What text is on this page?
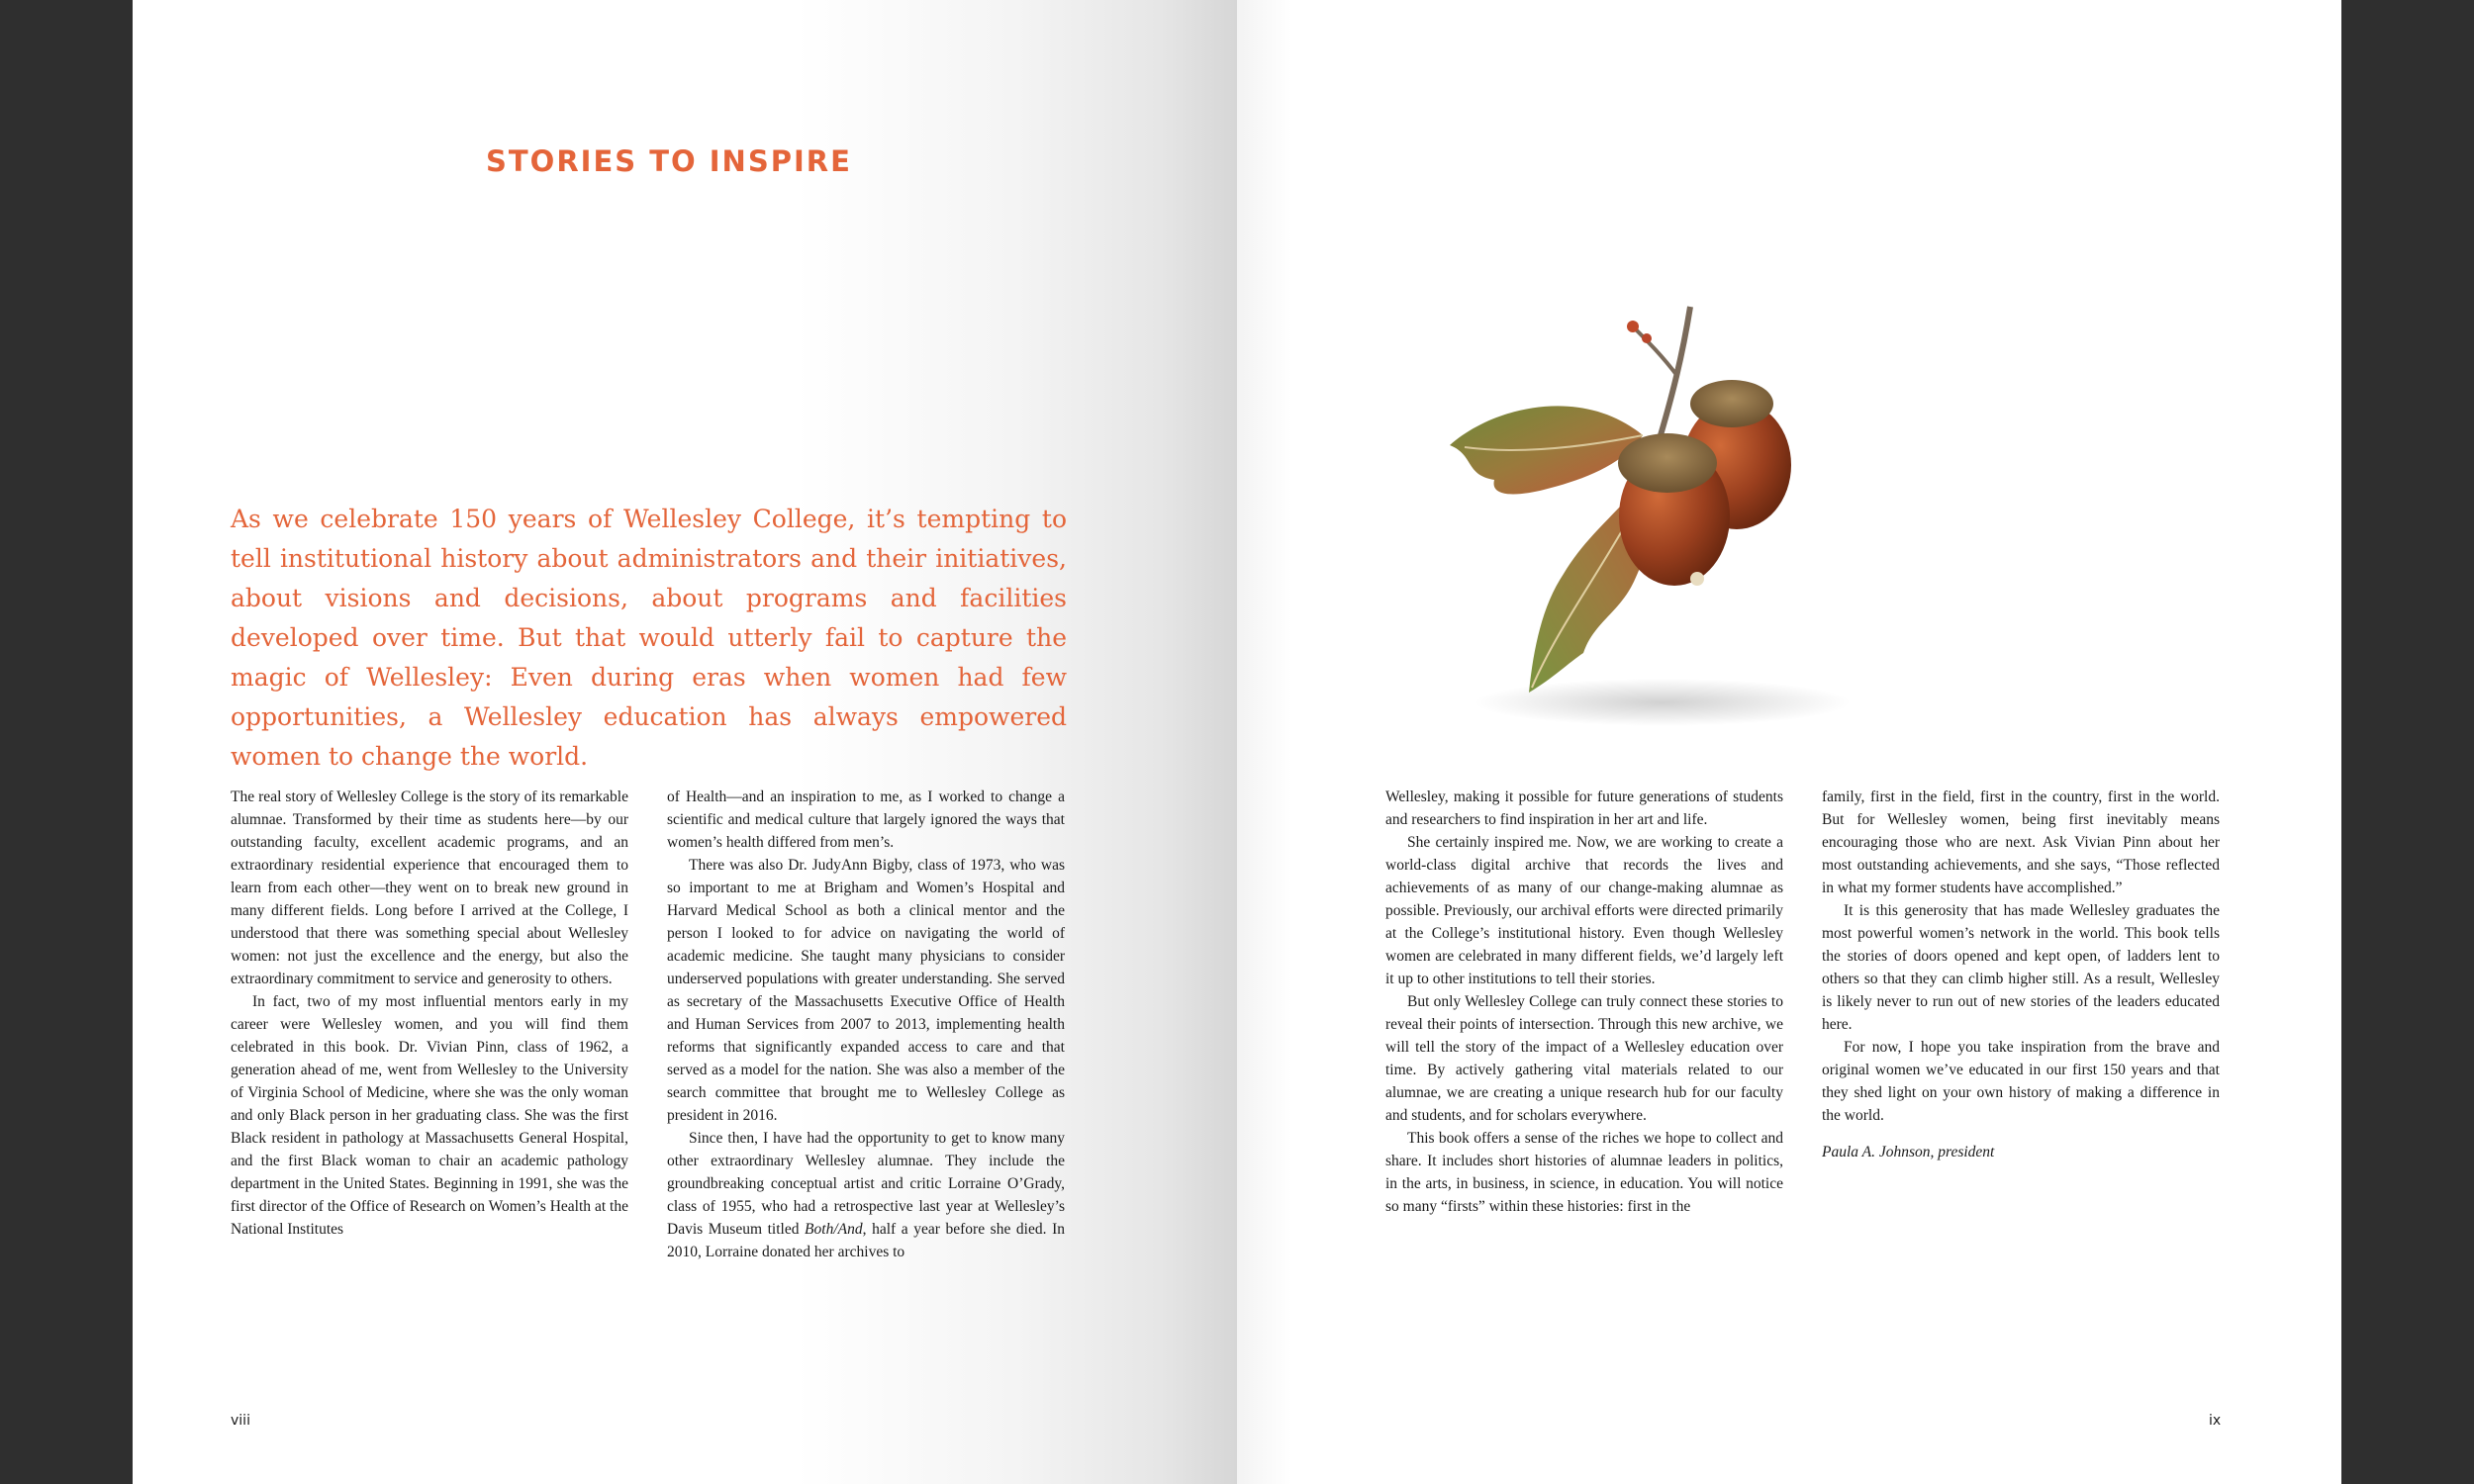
STORIES TO INSPIRE

As we celebrate 150 years of Wellesley College, it’s tempting to tell institutional history about administrators and their initiatives, about visions and decisions, about programs and facilities developed over time. But that would utterly fail to capture the magic of Wellesley: Even during eras when women had few opportunities, a Wellesley education has always empowered women to change the world.

The real story of Wellesley College is the story of its remarkable alumnae. Transformed by their time as students here—by our outstanding faculty, excellent academic programs, and an extraordinary residential experience that encouraged them to learn from each other—they went on to break new ground in many different fields. Long before I arrived at the College, I understood that there was something special about Wellesley women: not just the excellence and the energy, but also the extraordinary commitment to service and generosity to others.

In fact, two of my most influential mentors early in my career were Wellesley women, and you will find them celebrated in this book. Dr. Vivian Pinn, class of 1962, a generation ahead of me, went from Wellesley to the University of Virginia School of Medicine, where she was the only woman and only Black person in her graduating class. She was the first Black resident in pathology at Massachusetts General Hospital, and the first Black woman to chair an academic pathology department in the United States. Beginning in 1991, she was the first director of the Office of Research on Women’s Health at the National Institutes

of Health—and an inspiration to me, as I worked to change a scientific and medical culture that largely ignored the ways that women’s health differed from men’s.

There was also Dr. JudyAnn Bigby, class of 1973, who was so important to me at Brigham and Women’s Hospital and Harvard Medical School as both a clinical mentor and the person I looked to for advice on navigating the world of academic medicine. She taught many physicians to consider underserved populations with greater understanding. She served as secretary of the Massachusetts Executive Office of Health and Human Services from 2007 to 2013, implementing health reforms that significantly expanded access to care and that served as a model for the nation. She was also a member of the search committee that brought me to Wellesley College as president in 2016.

Since then, I have had the opportunity to get to know many other extraordinary Wellesley alumnae. They include the groundbreaking conceptual artist and critic Lorraine O’Grady, class of 1955, who had a retrospective last year at Wellesley’s Davis Museum titled Both/And, half a year before she died. In 2010, Lorraine donated her archives to

viii

Wellesley, making it possible for future generations of students and researchers to find inspiration in her art and life.

She certainly inspired me. Now, we are working to create a world-class digital archive that records the lives and achievements of as many of our change-making alumnae as possible. Previously, our archival efforts were directed primarily at the College’s institutional history. Even though Wellesley women are celebrated in many different fields, we’d largely left it up to other institutions to tell their stories.

But only Wellesley College can truly connect these stories to reveal their points of intersection. Through this new archive, we will tell the story of the impact of a Wellesley education over time. By actively gathering vital materials related to our alumnae, we are creating a unique research hub for our faculty and students, and for scholars everywhere.

This book offers a sense of the riches we hope to collect and share. It includes short histories of alumnae leaders in politics, in the arts, in business, in science, in education. You will notice so many “firsts” within these histories: first in the

family, first in the field, first in the country, first in the world. But for Wellesley women, being first inevitably means encouraging those who are next. Ask Vivian Pinn about her most outstanding achievements, and she says, “Those reflected in what my former students have accomplished.”

It is this generosity that has made Wellesley graduates the most powerful women’s network in the world. This book tells the stories of doors opened and kept open, of ladders lent to others so that they can climb higher still. As a result, Wellesley is likely never to run out of new stories of the leaders educated here.

For now, I hope you take inspiration from the brave and original women we’ve educated in our first 150 years and that they shed light on your own history of making a difference in the world.

Paula A. Johnson, president

ix
